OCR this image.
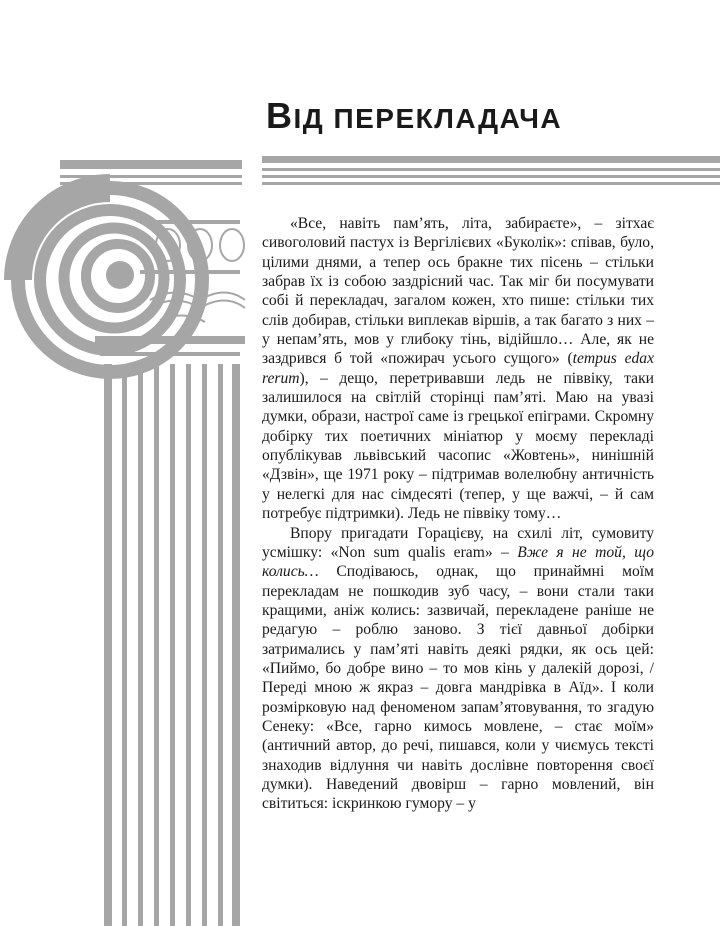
ВІД ПЕРЕКЛАДАЧА

«Все, навіть пам’ять, літа, забираєте», – зітхає сивоголовий пастух із Вергілієвих «Буколік»: співав, було, цілими днями, а тепер ось бракне тих пісень – стільки забрав їх із собою заздрісний час. Так міг би посумувати собі й перекладач, загалом кожен, хто пише: стільки тих слів добирав, стільки виплекав віршів, а так багато з них – у непам’ять, мов у глибоку тінь, відійшло… Але, як не заздрився б той «пожирач усього сущого» (tempus edax rerum), – дещо, перетривавши ледь не піввіку, таки залишилося на світлій сторінці пам’яті. Маю на увазі думки, образи, настрої саме із грецької епіграми. Скромну добірку тих поетичних мініатюр у моєму перекладі опублікував львівський часопис «Жовтень», нинішній «Дзвін», ще 1971 року – підтримав волелюбну античність у нелегкі для нас сімдесяті (тепер, у ще важчі, – й сам потребує підтримки). Ледь не піввіку тому…

Впору пригадати Горацієву, на схилі літ, сумовиту усмішку: «Non sum qualis eram» – Вже я не той, що колись… Сподіваюсь, однак, що принаймні моїм перекладам не пошкодив зуб часу, – вони стали таки кращими, аніж колись: зазвичай, перекладене раніше не редагую – роблю заново. З тієї давньої добірки затримались у пам’яті навіть деякі рядки, як ось цей: «Пиймо, бо добре вино – то мов кінь у далекій дорозі, / Переді мною ж якраз – довга мандрівка в Аїд». І коли розмірковую над феноменом запам’ятовування, то згадую Сенеку: «Все, гарно кимось мовлене, – стає моїм» (античний автор, до речі, пишався, коли у чиємусь тексті знаходив відлуння чи навіть дослівне повторення своєї думки). Наведений двовірш – гарно мовлений, він світиться: іскринкою гумору – у
